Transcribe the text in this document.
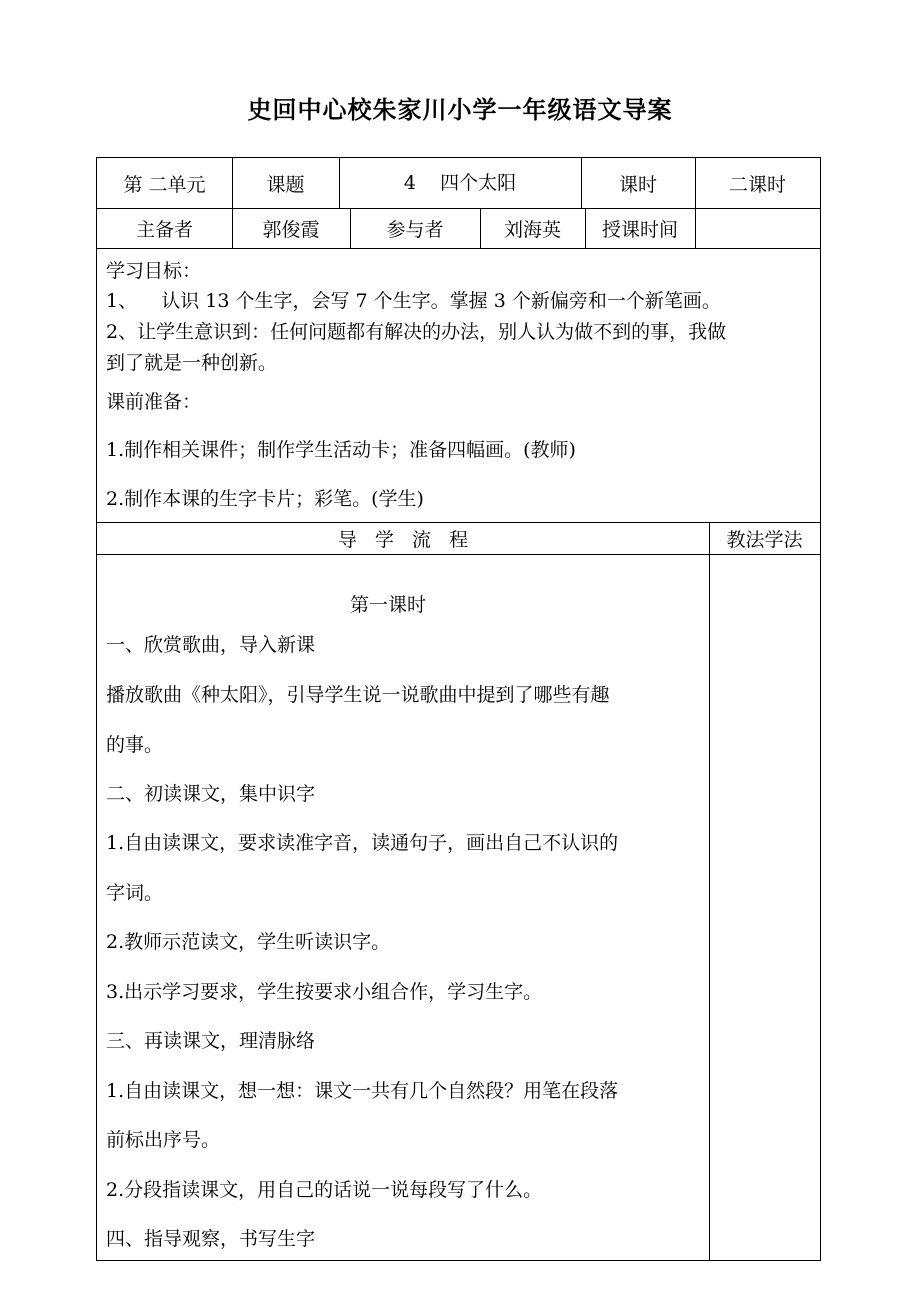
史回中心校朱家川小学一年级语文导案
第 二单元	课题	4    四个太阳	课时	二课时
主备者	郭俊霞	参与者	刘海英	授课时间
学习目标：
1、    认识 13 个生字，会写 7 个生字。掌握 3 个新偏旁和一个新笔画。
2、让学生意识到：任何问题都有解决的办法，别人认为做不到的事，我做
到了就是一种创新。
课前准备：
1.制作相关课件；制作学生活动卡；准备四幅画。(教师)
2.制作本课的生字卡片；彩笔。(学生)
导   学   流   程	教法学法
第一课时
一、欣赏歌曲，导入新课
播放歌曲《种太阳》，引导学生说一说歌曲中提到了哪些有趣
的事。
二、初读课文，集中识字
1.自由读课文，要求读准字音，读通句子，画出自己不认识的
字词。
2.教师示范读文，学生听读识字。
3.出示学习要求，学生按要求小组合作，学习生字。
三、再读课文，理清脉络
1.自由读课文，想一想：课文一共有几个自然段？用笔在段落
前标出序号。
2.分段指读课文，用自己的话说一说每段写了什么。
四、指导观察，书写生字
